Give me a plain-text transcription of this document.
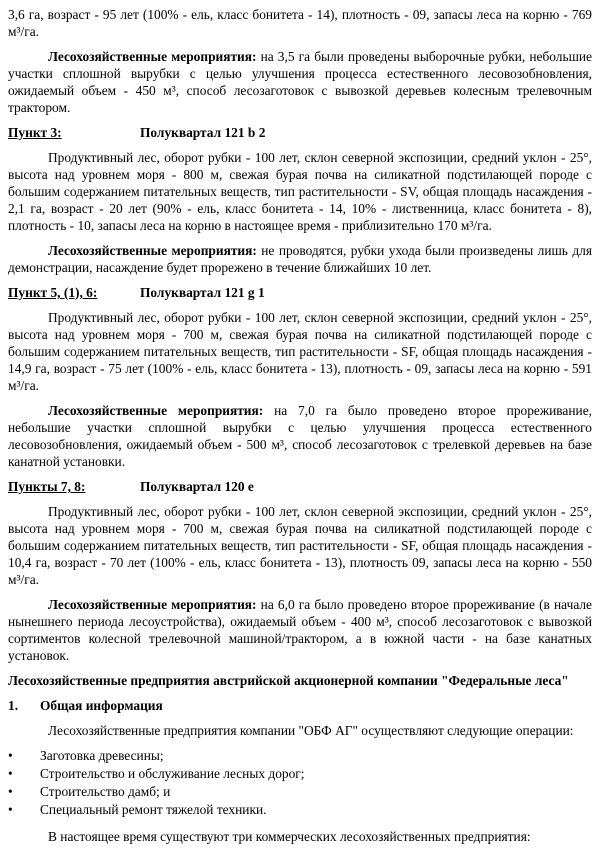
3,6 га, возраст - 95 лет (100% - ель, класс бонитета - 14), плотность - 09, запасы леса на корню - 769 м³/га.

Лесохозяйственные мероприятия: на 3,5 га были проведены выборочные рубки, небольшие участки сплошной вырубки с целью улучшения процесса естественного лесовозобновления, ожидаемый объем - 450 м³, способ лесозаготовок с вывозкой деревьев колесным трелевочным трактором.

Пункт 3:	Полуквартал 121 b 2

Продуктивный лес, оборот рубки - 100 лет, склон северной экспозиции, средний уклон - 25°, высота над уровнем моря - 800 м, свежая бурая почва на силикатной подстилающей породе с большим содержанием питательных веществ, тип растительности - SV, общая площадь насаждения - 2,1 га, возраст - 20 лет (90% - ель, класс бонитета - 14, 10% - лиственница, класс бонитета - 8), плотность - 10, запасы леса на корню в настоящее время - приблизительно 170 м³/га.

Лесохозяйственные мероприятия: не проводятся, рубки ухода были произведены лишь для демонстрации, насаждение будет прорежено в течение ближайших 10 лет.

Пункт 5, (1), 6:	Полуквартал 121 g 1

Продуктивный лес, оборот рубки - 100 лет, склон северной экспозиции, средний уклон - 25°, высота над уровнем моря - 700 м, свежая бурая почва на силикатной подстилающей породе с большим содержанием питательных веществ, тип растительности - SF, общая площадь насаждения - 14,9 га, возраст - 75 лет (100% - ель, класс бонитета - 13), плотность - 09, запасы леса на корню - 591 м³/га.

Лесохозяйственные мероприятия: на 7,0 га было проведено второе прореживание, небольшие участки сплошной вырубки с целью улучшения процесса естественного лесовозобновления, ожидаемый объем - 500 м³, способ лесозаготовок с трелевкой деревьев на базе канатной установки.

Пункты 7, 8:	Полуквартал 120 е

Продуктивный лес, оборот рубки - 100 лет, склон северной экспозиции, средний уклон - 25°, высота над уровнем моря - 700 м, свежая бурая почва на силикатной подстилающей породе с большим содержанием питательных веществ, тип растительности - SF, общая площадь насаждения - 10,4 га, возраст - 70 лет (100% - ель, класс бонитета - 13), плотность 09, запасы леса на корню - 550 м³/га.

Лесохозяйственные мероприятия: на 6,0 га было проведено второе прореживание (в начале нынешнего периода лесоустройства), ожидаемый объем - 400 м³, способ лесозаготовок с вывозкой сортиментов колесной трелевочной машиной/трактором, а в южной части - на базе канатных установок.

Лесохозяйственные предприятия австрийской акционерной компании "Федеральные леса"

1. Общая информация

Лесохозяйственные предприятия компании "ОБФ АГ" осуществляют следующие операции:

• Заготовка древесины;

• Строительство и обслуживание лесных дорог;

• Строительство дамб; и

• Специальный ремонт тяжелой техники.

В настоящее время существуют три коммерческих лесохозяйственных предприятия:
